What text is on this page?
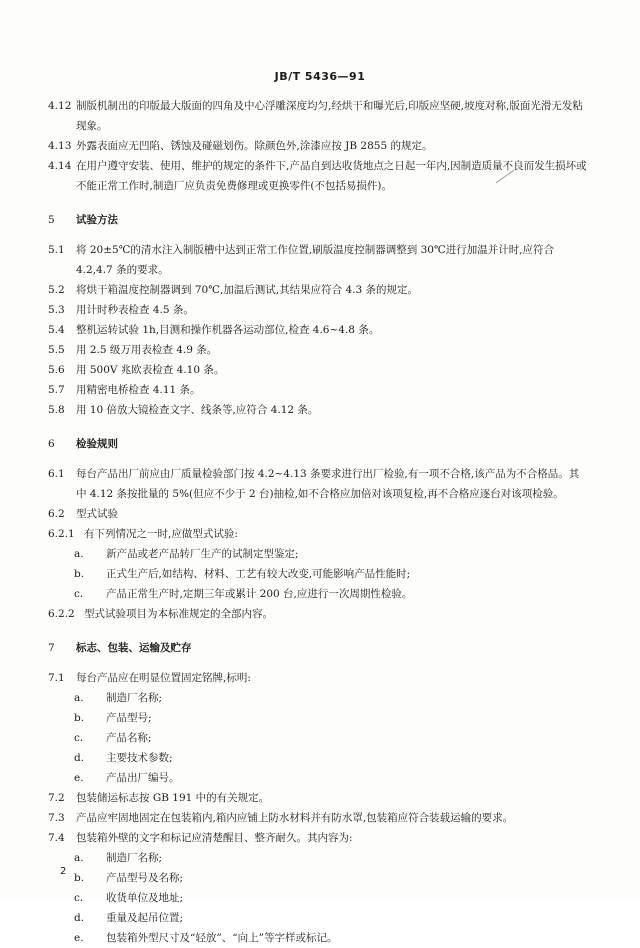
JB/T 5436—91
4.12 制版机制出的印版最大版面的四角及中心浮雕深度均匀,经烘干和曝光后,印版应坚硬,坡度对称,版面光滑无发粘现象。
4.13 外露表面应无凹陷、锈蚀及碰磁划伤。除颜色外,涂漆应按 JB 2855 的规定。
4.14 在用户遵守安装、使用、维护的规定的条件下,产品自到达收货地点之日起一年内,因制造质量不良而发生损坏或不能正常工作时,制造厂应负责免费修理或更换零件(不包括易损件)。
5	试验方法
5.1	将 20±5℃的清水注入制版槽中达到正常工作位置,刷版温度控制器调整到 30℃进行加温并计时,应符合 4.2,4.7 条的要求。
5.2	将烘干箱温度控制器调到 70℃,加温后测试,其结果应符合 4.3 条的规定。
5.3	用计时秒表检查 4.5 条。
5.4	整机运转试验 1h,目测和操作机器各运动部位,检查 4.6~4.8 条。
5.5	用 2.5 级万用表检查 4.9 条。
5.6	用 500V 兆欧表检查 4.10 条。
5.7	用精密电桥检查 4.11 条。
5.8	用 10 倍放大镜检查文字、线条等,应符合 4.12 条。
6	检验规则
6.1	每台产品出厂前应由厂质量检验部门按 4.2~4.13 条要求进行出厂检验,有一项不合格,该产品为不合格品。其中 4.12 条按批量的 5%(但应不少于 2 台)抽检,如不合格应加倍对该项复检,再不合格应逐台对该项检验。
6.2	型式试验
6.2.1 有下列情况之一时,应做型式试验:
a.	新产品或老产品转厂生产的试制定型鉴定;
b.	正式生产后,如结构、材料、工艺有较大改变,可能影响产品性能时;
c.	产品正常生产时,定期三年或累计 200 台,应进行一次周期性检验。
6.2.2 型式试验项目为本标准规定的全部内容。
7	标志、包装、运输及贮存
7.1	每台产品应在明显位置固定铭牌,标明:
a.	制造厂名称;
b.	产品型号;
c.	产品名称;
d.	主要技术参数;
e.	产品出厂编号。
7.2	包装储运标志按 GB 191 中的有关规定。
7.3	产品应牢固地固定在包装箱内,箱内应铺上防水材料并有防水罩,包装箱应符合装载运输的要求。
7.4	包装箱外壁的文字和标记应清楚醒目、整齐耐久。其内容为:
a.	制造厂名称;
b.	产品型号及名称;
c.	收货单位及地址;
d.	重量及起吊位置;
e.	包装箱外型尺寸及“轻放”、“向上”等字样或标记。
2
